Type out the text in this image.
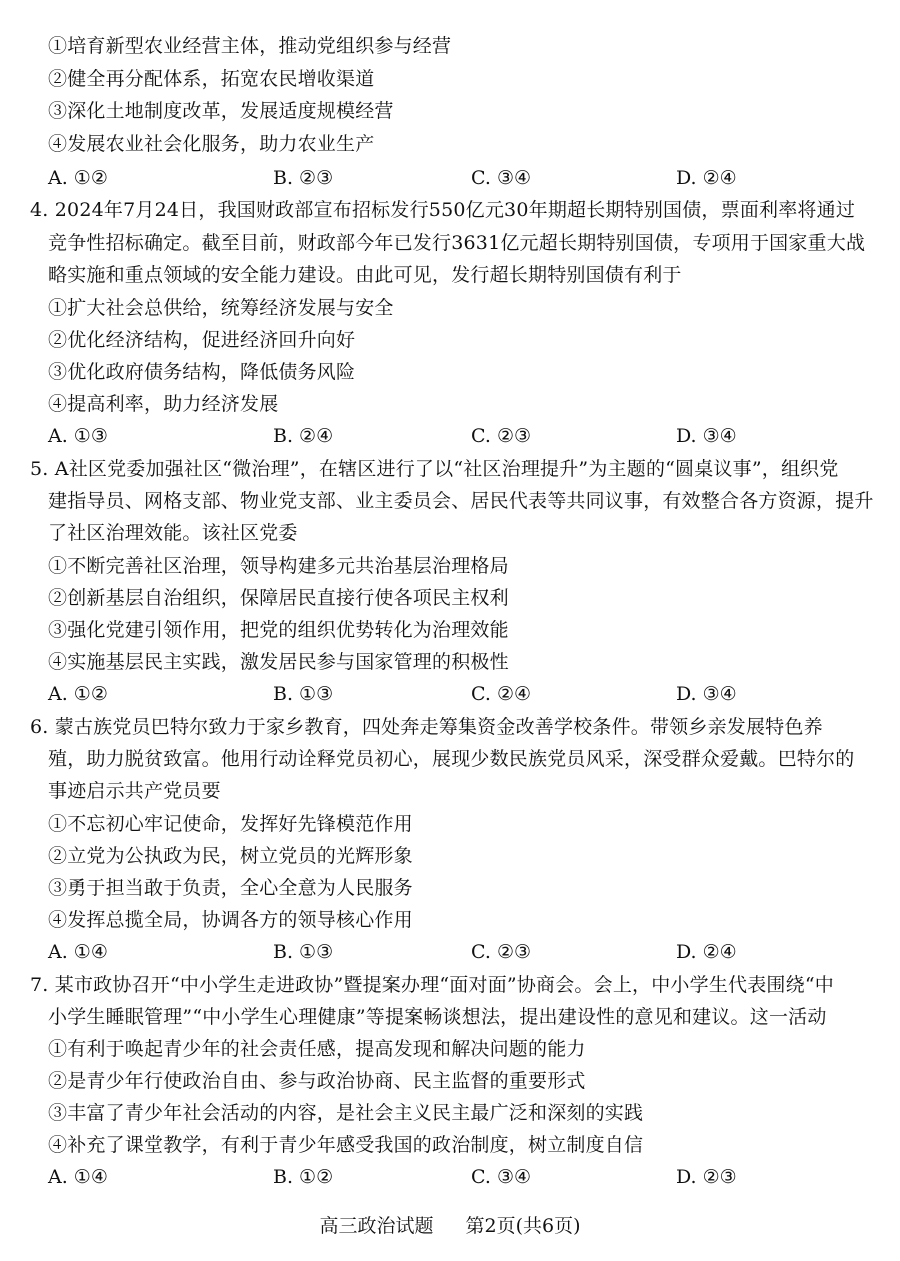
①培育新型农业经营主体，推动党组织参与经营
②健全再分配体系，拓宽农民增收渠道
③深化土地制度改革，发展适度规模经营
④发展农业社会化服务，助力农业生产
A. ①②	B. ②③	C. ③④	D. ②④
4. 2024年7月24日，我国财政部宣布招标发行550亿元30年期超长期特别国债，票面利率将通过
竞争性招标确定。截至目前，财政部今年已发行3631亿元超长期特别国债，专项用于国家重大战
略实施和重点领域的安全能力建设。由此可见，发行超长期特别国债有利于
①扩大社会总供给，统筹经济发展与安全
②优化经济结构，促进经济回升向好
③优化政府债务结构，降低债务风险
④提高利率，助力经济发展
A. ①③	B. ②④	C. ②③	D. ③④
5. A社区党委加强社区“微治理”，在辖区进行了以“社区治理提升”为主题的“圆桌议事”，组织党
建指导员、网格支部、物业党支部、业主委员会、居民代表等共同议事，有效整合各方资源，提升
了社区治理效能。该社区党委
①不断完善社区治理，领导构建多元共治基层治理格局
②创新基层自治组织，保障居民直接行使各项民主权利
③强化党建引领作用，把党的组织优势转化为治理效能
④实施基层民主实践，激发居民参与国家管理的积极性
A. ①②	B. ①③	C. ②④	D. ③④
6. 蒙古族党员巴特尔致力于家乡教育，四处奔走筹集资金改善学校条件。带领乡亲发展特色养
殖，助力脱贫致富。他用行动诠释党员初心，展现少数民族党员风采，深受群众爱戴。巴特尔的
事迹启示共产党员要
①不忘初心牢记使命，发挥好先锋模范作用
②立党为公执政为民，树立党员的光辉形象
③勇于担当敢于负责，全心全意为人民服务
④发挥总揽全局，协调各方的领导核心作用
A. ①④	B. ①③	C. ②③	D. ②④
7. 某市政协召开“中小学生走进政协”暨提案办理“面对面”协商会。会上，中小学生代表围绕“中
小学生睡眠管理”“中小学生心理健康”等提案畅谈想法，提出建设性的意见和建议。这一活动
①有利于唤起青少年的社会责任感，提高发现和解决问题的能力
②是青少年行使政治自由、参与政治协商、民主监督的重要形式
③丰富了青少年社会活动的内容，是社会主义民主最广泛和深刻的实践
④补充了课堂教学，有利于青少年感受我国的政治制度，树立制度自信
A. ①④	B. ①②	C. ③④	D. ②③
高三政治试题 第2页(共6页)
